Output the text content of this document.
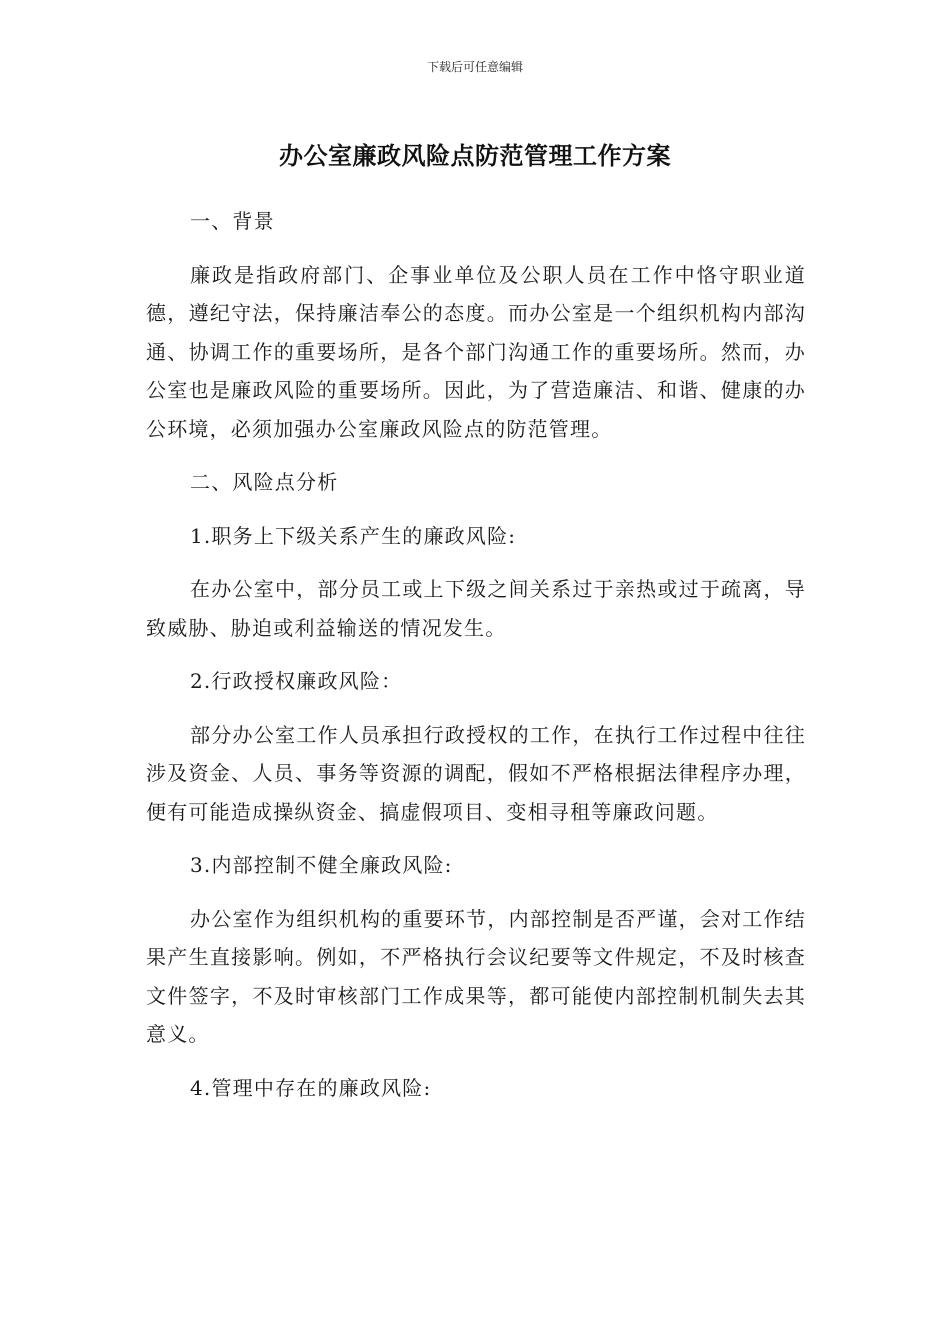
下载后可任意编辑
办公室廉政风险点防范管理工作方案

一、背景

廉政是指政府部门、企事业单位及公职人员在工作中恪守职业道德，遵纪守法，保持廉洁奉公的态度。而办公室是一个组织机构内部沟通、协调工作的重要场所，是各个部门沟通工作的重要场所。然而，办公室也是廉政风险的重要场所。因此，为了营造廉洁、和谐、健康的办公环境，必须加强办公室廉政风险点的防范管理。

二、风险点分析

1.职务上下级关系产生的廉政风险:

在办公室中，部分员工或上下级之间关系过于亲热或过于疏离，导致威胁、胁迫或利益输送的情况发生。

2.行政授权廉政风险：

部分办公室工作人员承担行政授权的工作，在执行工作过程中往往涉及资金、人员、事务等资源的调配，假如不严格根据法律程序办理，便有可能造成操纵资金、搞虚假项目、变相寻租等廉政问题。

3.内部控制不健全廉政风险:

办公室作为组织机构的重要环节，内部控制是否严谨，会对工作结果产生直接影响。例如，不严格执行会议纪要等文件规定，不及时核查文件签字，不及时审核部门工作成果等，都可能使内部控制机制失去其意义。

4.管理中存在的廉政风险:
